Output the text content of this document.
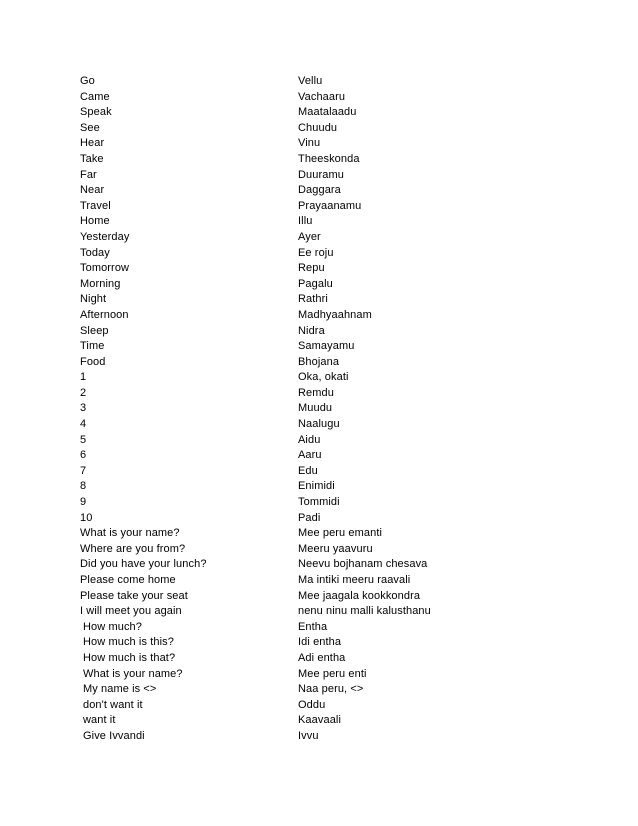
Go	Vellu
Came	Vachaaru
Speak	Maatalaadu
See	Chuudu
Hear	Vinu
Take	Theeskonda
Far	Duuramu
Near	Daggara
Travel	Prayaanamu
Home	Illu
Yesterday	Ayer
Today	Ee roju
Tomorrow	Repu
Morning	Pagalu
Night	Rathri
Afternoon	Madhyaahnam
Sleep	Nidra
Time	Samayamu
Food	Bhojana
1	Oka, okati
2	Remdu
3	Muudu
4	Naalugu
5	Aidu
6	Aaru
7	Edu
8	Enimidi
9	Tommidi
10	Padi
What is your name?	Mee peru emanti
Where are you from?	Meeru yaavuru
Did you have your lunch?	Neevu bojhanam chesava
Please come home	Ma intiki meeru raavali
Please take your seat	Mee jaagala kookkondra
I will meet you again	nenu ninu malli kalusthanu
How much?	Entha
How much is this?	Idi entha
How much is that?	Adi entha
What is your name?	Mee peru enti
My name is <>	Naa peru, <>
don't want it	Oddu
want it	Kaavaali
Give Ivvandi	Ivvu
